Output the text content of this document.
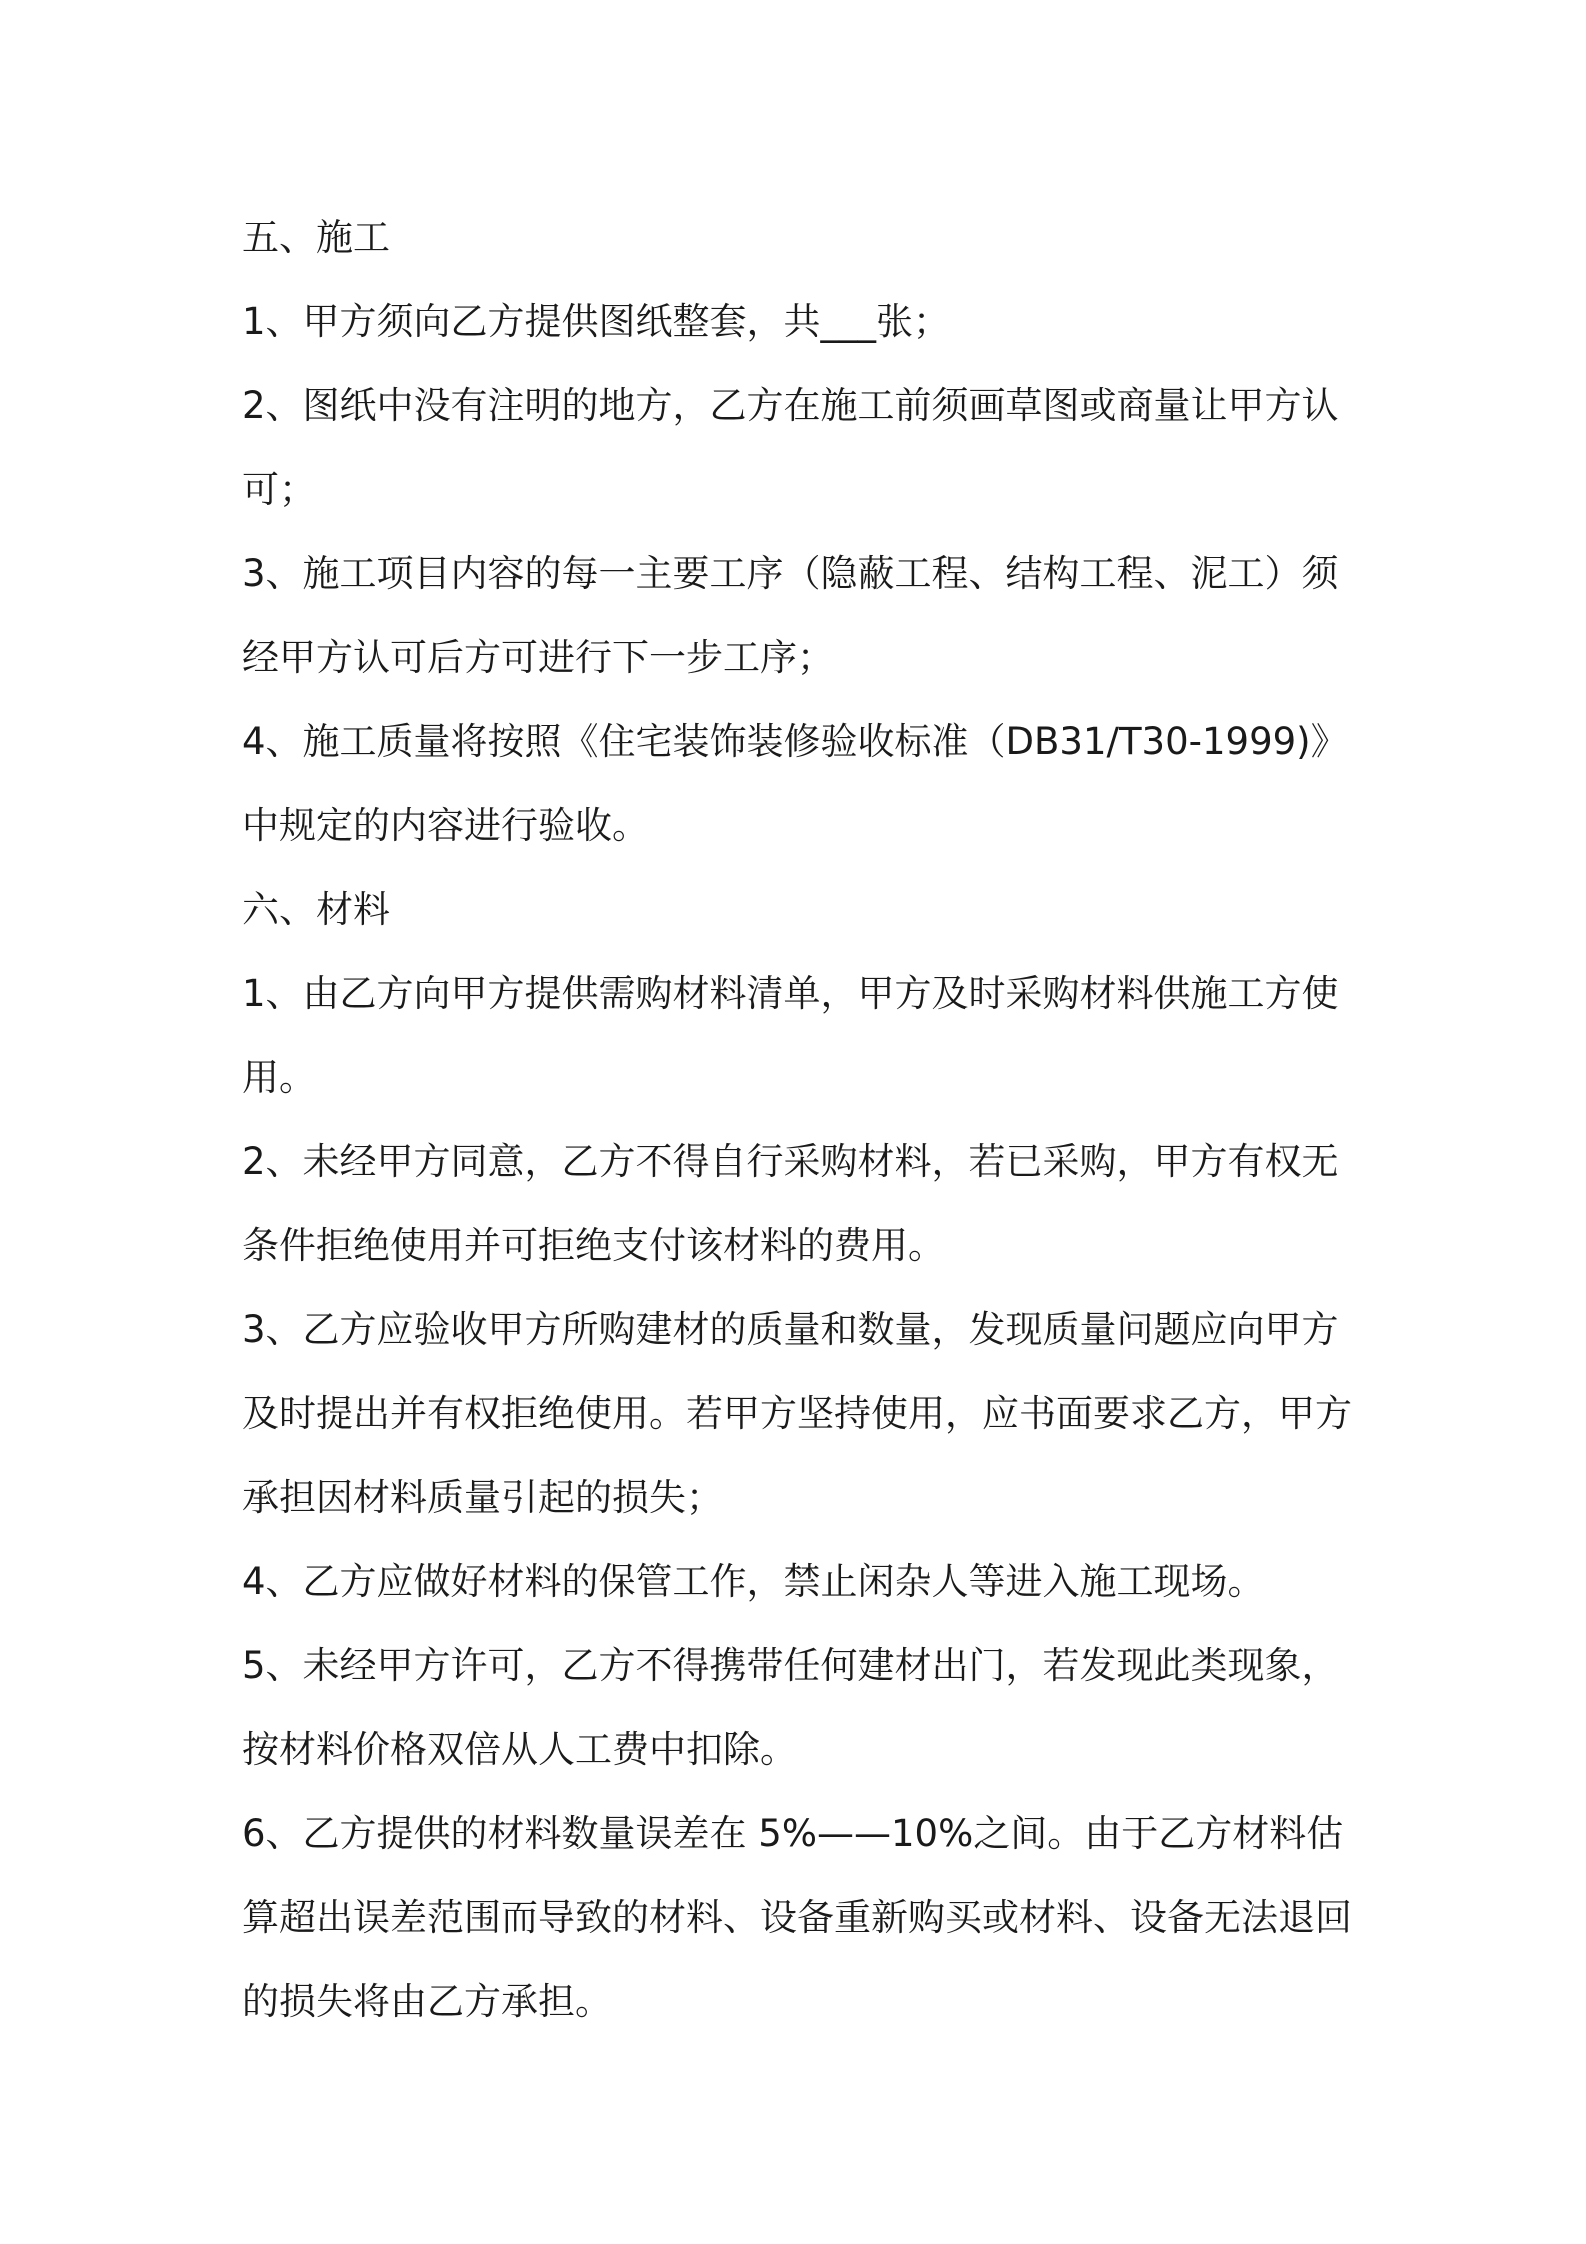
五、施工

1、甲方须向乙方提供图纸整套，共___张；

2、图纸中没有注明的地方，乙方在施工前须画草图或商量让甲方认可；

3、施工项目内容的每一主要工序（隐蔽工程、结构工程、泥工）须经甲方认可后方可进行下一步工序；

4、施工质量将按照《住宅装饰装修验收标准（DB31/T30-1999)》中规定的内容进行验收。

六、材料

1、由乙方向甲方提供需购材料清单，甲方及时采购材料供施工方使用。

2、未经甲方同意，乙方不得自行采购材料，若已采购，甲方有权无条件拒绝使用并可拒绝支付该材料的费用。

3、乙方应验收甲方所购建材的质量和数量，发现质量问题应向甲方及时提出并有权拒绝使用。若甲方坚持使用，应书面要求乙方，甲方承担因材料质量引起的损失；

4、乙方应做好材料的保管工作，禁止闲杂人等进入施工现场。

5、未经甲方许可，乙方不得携带任何建材出门，若发现此类现象，按材料价格双倍从人工费中扣除。

6、乙方提供的材料数量误差在 5%——10%之间。由于乙方材料估算超出误差范围而导致的材料、设备重新购买或材料、设备无法退回的损失将由乙方承担。
